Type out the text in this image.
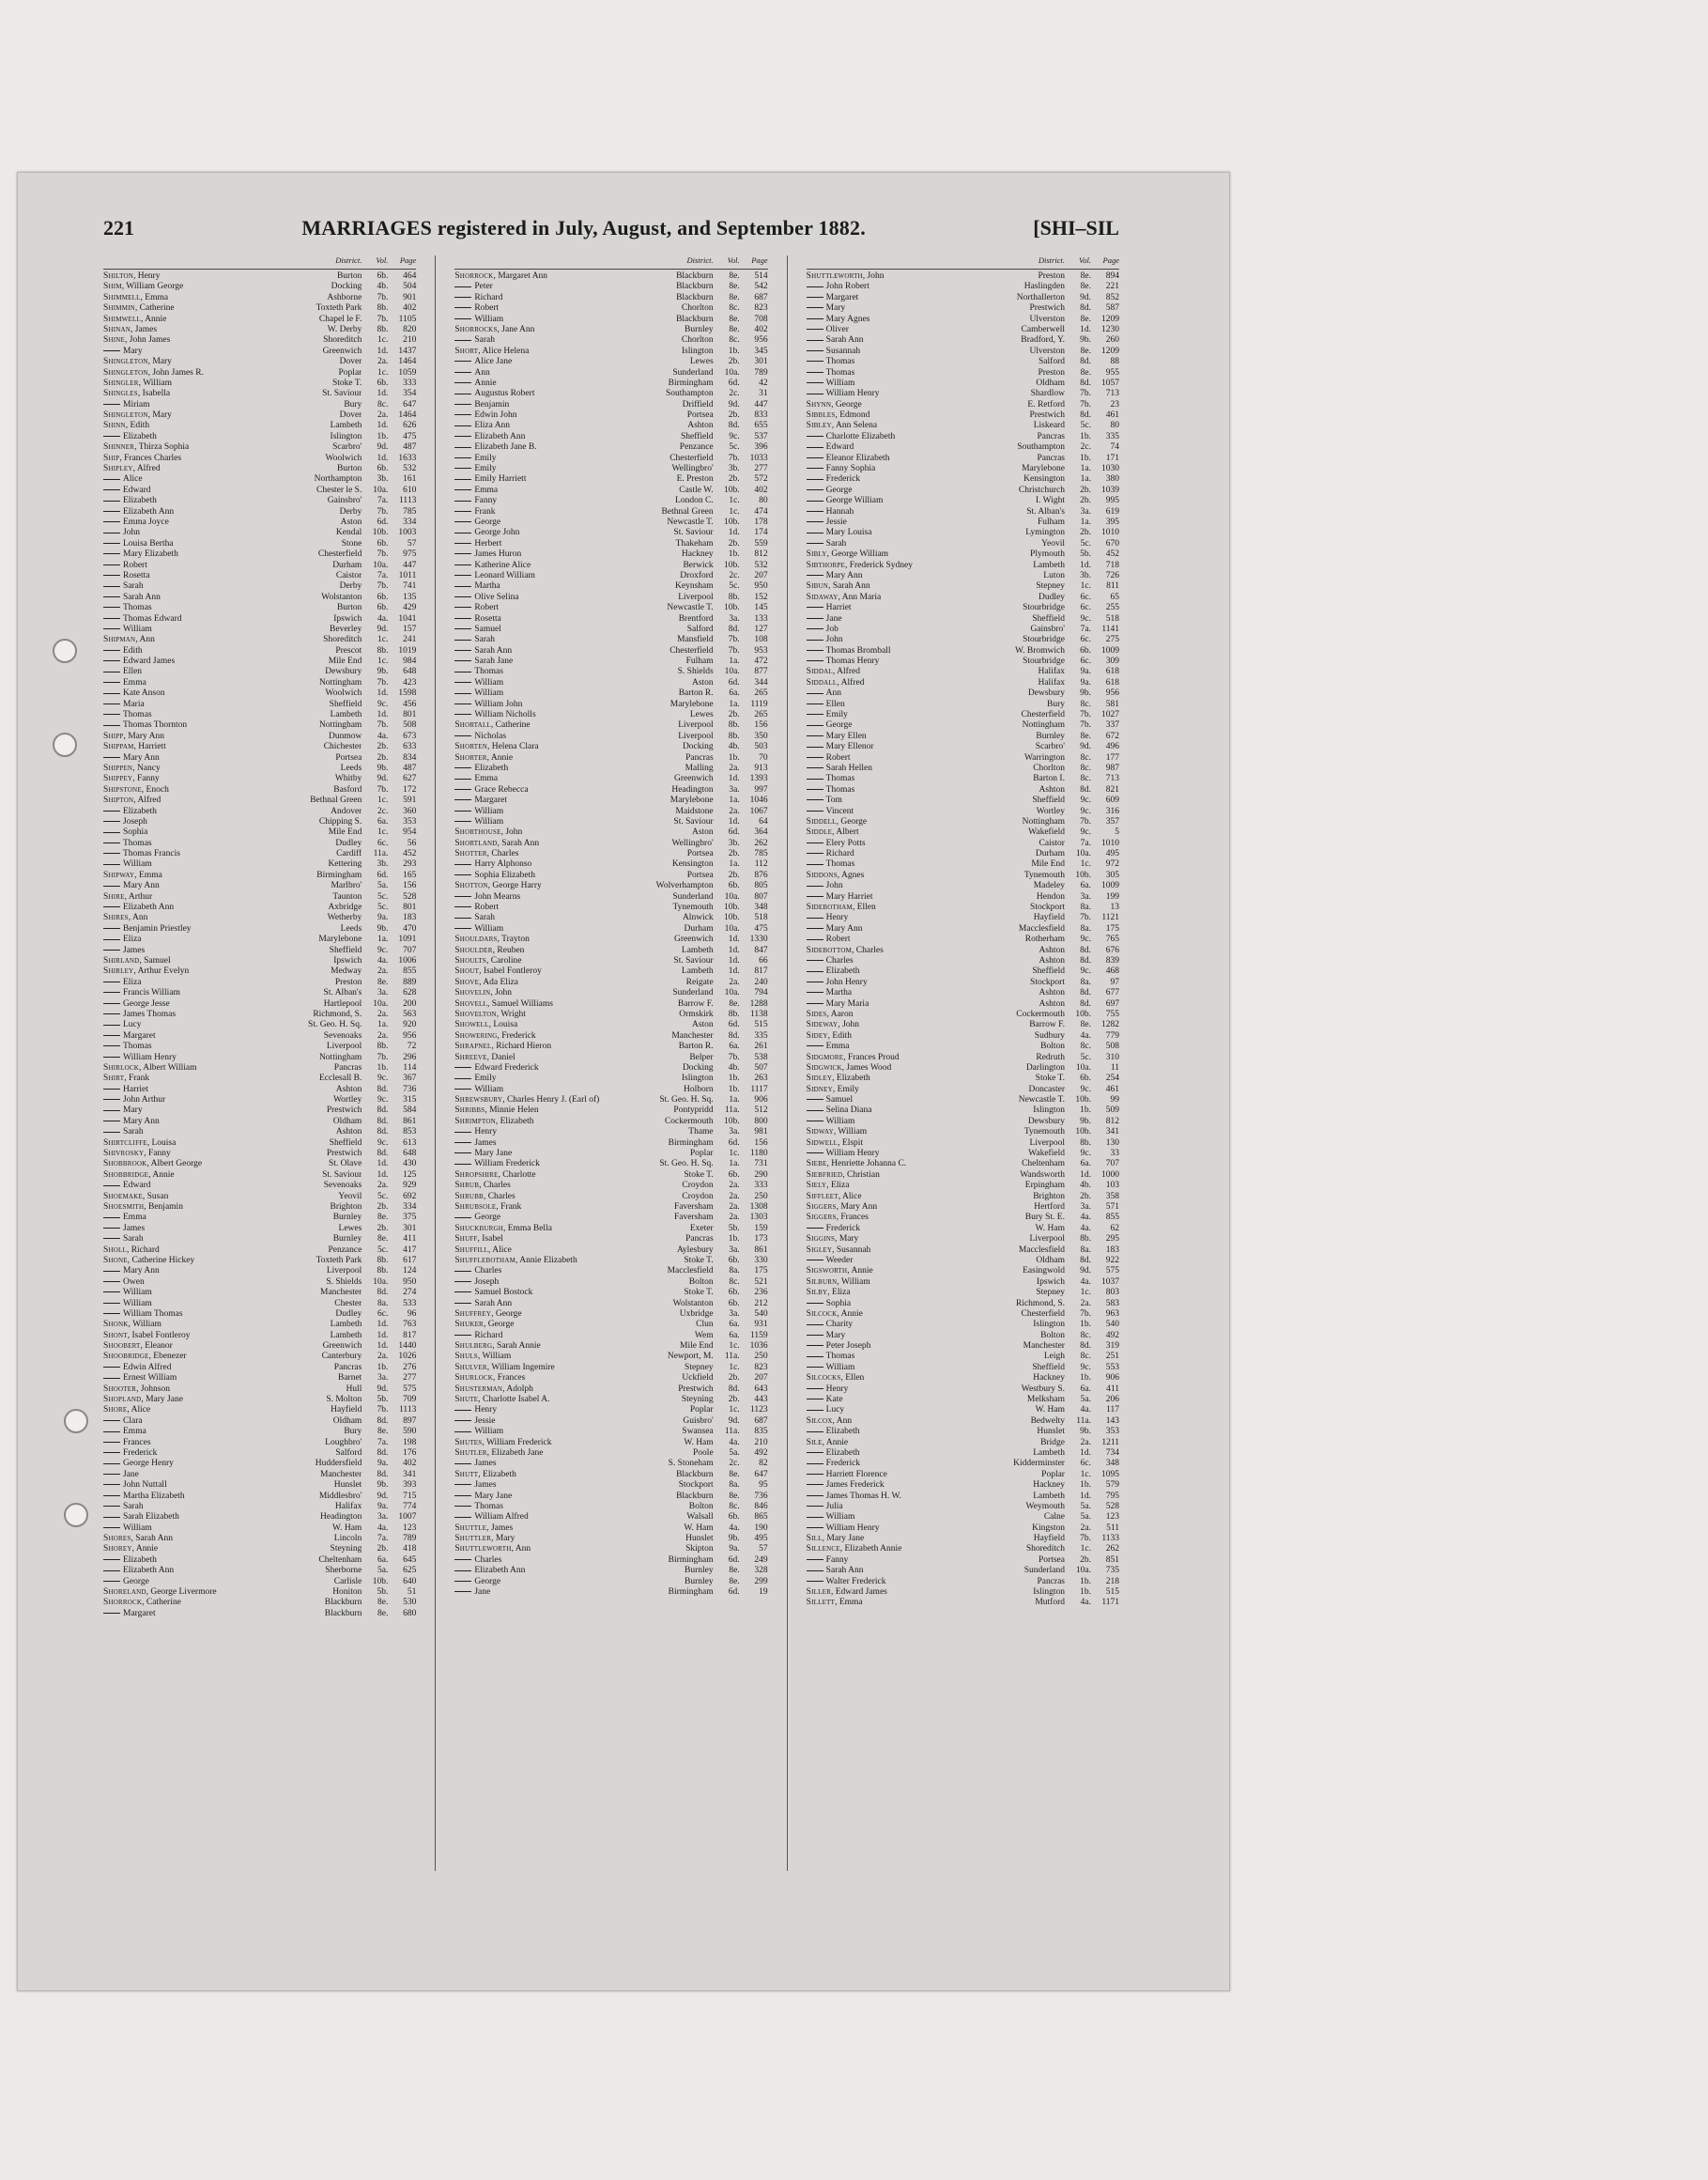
221	MARRIAGES registered in July, August, and September 1882.	[SHI–SIL
District.	Vol.	Page
Shilton, Henry	Burton	6b.	464
Shim, William George	Docking	4b.	504
Shimmell, Emma	Ashborne	7b.	901
Shimmin, Catherine	Toxteth Park	8b.	402
Shimwell, Annie	Chapel le F.	7b.	1105
Shinan, James	W. Derby	8b.	820
Shine, John James	Shoreditch	1c.	210
Mary	Greenwich	1d.	1437
Shingleton, Mary	Dover	2a.	1464
Shingleton, John James R.	Poplar	1c.	1059
Shingler, William	Stoke T.	6b.	333
Shingles, Isabella	St. Saviour	1d.	354
Miriam	Bury	8c.	647
Shingleton, Mary	Dover	2a.	1464
Shinn, Edith	Lambeth	1d.	626
Elizabeth	Islington	1b.	475
Shinner, Thirza Sophia	Scarbro'	9d.	487
Ship, Frances Charles	Woolwich	1d.	1633
Shipley, Alfred	Burton	6b.	532
Alice	Northampton	3b.	161
Edward	Chester le S.	10a.	610
Elizabeth	Gainsbro'	7a.	1113
Elizabeth Ann	Derby	7b.	785
Emma Joyce	Aston	6d.	334
John	Kendal	10b.	1003
Louisa Bertha	Stone	6b.	57
Mary Elizabeth	Chesterfield	7b.	975
Robert	Durham	10a.	447
Rosetta	Caistor	7a.	1011
Sarah	Derby	7b.	741
Sarah Ann	Wolstanton	6b.	135
Thomas	Burton	6b.	429
Thomas Edward	Ipswich	4a.	1041
William	Beverley	9d.	157
Shipman, Ann	Shoreditch	1c.	241
Edith	Prescot	8b.	1019
Edward James	Mile End	1c.	984
Ellen	Dewsbury	9b.	648
Emma	Nottingham	7b.	423
Kate Anson	Woolwich	1d.	1598
Maria	Sheffield	9c.	456
Thomas	Lambeth	1d.	801
Thomas Thornton	Nottingham	7b.	508
Shipp, Mary Ann	Dunmow	4a.	673
Shippam, Harriett	Chichester	2b.	633
Mary Ann	Portsea	2b.	834
Shippen, Nancy	Leeds	9b.	487
Shippey, Fanny	Whitby	9d.	627
Shipstone, Enoch	Basford	7b.	172
Shipton, Alfred	Bethnal Green	1c.	591
Elizabeth	Andover	2c.	360
Joseph	Chipping S.	6a.	353
Sophia	Mile End	1c.	954
Thomas	Dudley	6c.	56
Thomas Francis	Cardiff	11a.	452
William	Kettering	3b.	293
Shipway, Emma	Birmingham	6d.	165
Mary Ann	Marlbro'	5a.	156
Shire, Arthur	Taunton	5c.	528
Elizabeth Ann	Axbridge	5c.	801
Shires, Ann	Wetherby	9a.	183
Benjamin Priestley	Leeds	9b.	470
Eliza	Marylebone	1a.	1091
James	Sheffield	9c.	707
Shirland, Samuel	Ipswich	4a.	1006
Shirley, Arthur Evelyn	Medway	2a.	855
Eliza	Preston	8e.	889
Francis William	St. Alban's	3a.	628
George Jesse	Hartlepool	10a.	200
James Thomas	Richmond, S.	2a.	563
Lucy	St. Geo. H. Sq.	1a.	920
Margaret	Sevenoaks	2a.	956
Thomas	Liverpool	8b.	72
William Henry	Nottingham	7b.	296
Shirlock, Albert William	Pancras	1b.	114
Shirt, Frank	Ecclesall B.	9c.	367
Harriet	Ashton	8d.	736
John Arthur	Wortley	9c.	315
Mary	Prestwich	8d.	584
Mary Ann	Oldham	8d.	861
Sarah	Ashton	8d.	853
Shirtcliffe, Louisa	Sheffield	9c.	613
Shivrosky, Fanny	Prestwich	8d.	648
Shobbrook, Albert George	St. Olave	1d.	430
Shobbridge, Annie	St. Saviour	1d.	125
Edward	Sevenoaks	2a.	929
Shoemake, Susan	Yeovil	5c.	692
Shoesmith, Benjamin	Brighton	2b.	334
Emma	Burnley	8e.	375
James	Lewes	2b.	301
Sarah	Burnley	8e.	411
Sholl, Richard	Penzance	5c.	417
Shone, Catherine Hickey	Toxteth Park	8b.	617
Mary Ann	Liverpool	8b.	124
Owen	S. Shields	10a.	950
William	Manchester	8d.	274
William	Chester	8a.	533
William Thomas	Dudley	6c.	96
Shonk, William	Lambeth	1d.	763
Shont, Isabel Fontleroy	Lambeth	1d.	817
Shoobert, Eleanor	Greenwich	1d.	1440
Shoobridge, Ebenezer	Canterbury	2a.	1026
Edwin Alfred	Pancras	1b.	276
Ernest William	Barnet	3a.	277
Shooter, Johnson	Hull	9d.	575
Shopland, Mary Jane	S. Molton	5b.	709
Shore, Alice	Hayfield	7b.	1113
Clara	Oldham	8d.	897
Emma	Bury	8e.	590
Frances	Loughbro'	7a.	198
Frederick	Salford	8d.	176
George Henry	Huddersfield	9a.	402
Jane	Manchester	8d.	341
John Nuttall	Hunslet	9b.	393
Martha Elizabeth	Middlesbro'	9d.	715
Sarah	Halifax	9a.	774
Sarah Elizabeth	Headington	3a.	1007
William	W. Ham	4a.	123
Shores, Sarah Ann	Lincoln	7a.	789
Shorey, Annie	Steyning	2b.	418
Elizabeth	Cheltenham	6a.	645
Elizabeth Ann	Sherborne	5a.	625
George	Carlisle	10b.	640
Shoreland, George Livermore	Honiton	5b.	51
Shorrock, Catherine	Blackburn	8e.	530
Margaret	Blackburn	8e.	680
District.	Vol.	Page
Shorrock, Margaret Ann	Blackburn	8e.	514
Peter	Blackburn	8e.	542
Richard	Blackburn	8e.	687
Robert	Chorlton	8c.	823
William	Blackburn	8e.	708
Shorrocks, Jane Ann	Burnley	8e.	402
Sarah	Chorlton	8c.	956
Short, Alice Helena	Islington	1b.	345
Alice Jane	Lewes	2b.	301
Ann	Sunderland	10a.	789
Annie	Birmingham	6d.	42
Augustus Robert	Southampton	2c.	31
Benjamin	Driffield	9d.	447
Edwin John	Portsea	2b.	833
Eliza Ann	Ashton	8d.	655
Elizabeth Ann	Sheffield	9c.	537
Elizabeth Jane B.	Penzance	5c.	396
Emily	Chesterfield	7b.	1033
Emily	Wellingbro'	3b.	277
Emily Harriett	E. Preston	2b.	572
Emma	Castle W.	10b.	402
Fanny	London C.	1c.	80
Frank	Bethnal Green	1c.	474
George	Newcastle T.	10b.	178
George John	St. Saviour	1d.	174
Herbert	Thakeham	2b.	559
James Huron	Hackney	1b.	812
Katherine Alice	Berwick	10b.	532
Leonard William	Droxford	2c.	207
Martha	Keynsham	5c.	950
Olive Selina	Liverpool	8b.	152
Robert	Newcastle T.	10b.	145
Rosetta	Brentford	3a.	133
Samuel	Salford	8d.	127
Sarah	Mansfield	7b.	108
Sarah Ann	Chesterfield	7b.	953
Sarah Jane	Fulham	1a.	472
Thomas	S. Shields	10a.	877
William	Aston	6d.	344
William	Barton R.	6a.	265
William John	Marylebone	1a.	1119
William Nicholls	Lewes	2b.	265
Shortall, Catherine	Liverpool	8b.	156
Nicholas	Liverpool	8b.	350
Shorten, Helena Clara	Docking	4b.	503
Shorter, Annie	Pancras	1b.	70
Elizabeth	Malling	2a.	913
Emma	Greenwich	1d.	1393
Grace Rebecca	Headington	3a.	997
Margaret	Marylebone	1a.	1046
William	Maidstone	2a.	1067
William	St. Saviour	1d.	64
Shorthouse, John	Aston	6d.	364
Shortland, Sarah Ann	Wellingbro'	3b.	262
Shotter, Charles	Portsea	2b.	785
Harry Alphonso	Kensington	1a.	112
Sophia Elizabeth	Portsea	2b.	876
Shotton, George Harry	Wolverhampton	6b.	805
John Mearns	Sunderland	10a.	807
Robert	Tynemouth	10b.	348
Sarah	Alnwick	10b.	518
William	Durham	10a.	475
Shouldars, Trayton	Greenwich	1d.	1330
Shoulder, Reuben	Lambeth	1d.	847
Shoults, Caroline	St. Saviour	1d.	66
Shout, Isabel Fontleroy	Lambeth	1d.	817
Shove, Ada Eliza	Reigate	2a.	240
Shovelin, John	Sunderland	10a.	794
Shovell, Samuel Williams	Barrow F.	8e.	1288
Shovelton, Wright	Ormskirk	8b.	1138
Showell, Louisa	Aston	6d.	515
Showering, Frederick	Manchester	8d.	335
Shrapnel, Richard Hieron	Barton R.	6a.	261
Shreeve, Daniel	Belper	7b.	538
Edward Frederick	Docking	4b.	507
Emily	Islington	1b.	263
William	Holborn	1b.	1117
Shrewsbury, Charles Henry J. (Earl of)	St. Geo. H. Sq.	1a.	906
Shribbs, Minnie Helen	Pontypridd	11a.	512
Shrimpton, Elizabeth	Cockermouth	10b.	800
Henry	Thame	3a.	981
James	Birmingham	6d.	156
Mary Jane	Poplar	1c.	1180
William Frederick	St. Geo. H. Sq.	1a.	731
Shropshire, Charlotte	Stoke T.	6b.	290
Shrub, Charles	Croydon	2a.	333
Shrubb, Charles	Croydon	2a.	250
Shrubsole, Frank	Faversham	2a.	1308
George	Faversham	2a.	1303
Shuckburgh, Emma Bella	Exeter	5b.	159
Shuff, Isabel	Pancras	1b.	173
Shuffill, Alice	Aylesbury	3a.	861
Shufflebotham, Annie Elizabeth	Stoke T.	6b.	330
Charles	Macclesfield	8a.	175
Joseph	Bolton	8c.	521
Samuel Bostock	Stoke T.	6b.	236
Sarah Ann	Wolstanton	6b.	212
Shuffrey, George	Uxbridge	3a.	540
Shuker, George	Clun	6a.	931
Richard	Wem	6a.	1159
Shulberg, Sarah Annie	Mile End	1c.	1036
Shuls, William	Newport, M.	11a.	250
Shulver, William Ingemire	Stepney	1c.	823
Shurlock, Frances	Uckfield	2b.	207
Shusterman, Adolph	Prestwich	8d.	643
Shute, Charlotte Isabel A.	Steyning	2b.	443
Henry	Poplar	1c.	1123
Jessie	Guisbro'	9d.	687
William	Swansea	11a.	835
Shutes, William Frederick	W. Ham	4a.	210
Shutler, Elizabeth Jane	Poole	5a.	492
James	S. Stoneham	2c.	82
Shutt, Elizabeth	Blackburn	8e.	647
James	Stockport	8a.	95
Mary Jane	Blackburn	8e.	736
Thomas	Bolton	8c.	846
William Alfred	Walsall	6b.	865
Shuttle, James	W. Ham	4a.	190
Shuttler, Mary	Hunslet	9b.	495
Shuttleworth, Ann	Skipton	9a.	57
Charles	Birmingham	6d.	249
Elizabeth Ann	Burnley	8e.	328
George	Burnley	8e.	299
Jane	Birmingham	6d.	19
District.	Vol.	Page
Shuttleworth, John	Preston	8e.	894
John Robert	Haslingden	8e.	221
Margaret	Northallerton	9d.	852
Mary	Prestwich	8d.	587
Mary Agnes	Ulverston	8e.	1209
Oliver	Camberwell	1d.	1230
Sarah Ann	Bradford, Y.	9b.	260
Susannah	Ulverston	8e.	1209
Thomas	Salford	8d.	88
Thomas	Preston	8e.	955
William	Oldham	8d.	1057
William Henry	Shardlow	7b.	713
Shynn, George	E. Retford	7b.	23
Sibbles, Edmond	Prestwich	8d.	461
Sibley, Ann Selena	Liskeard	5c.	80
Charlotte Elizabeth	Pancras	1b.	335
Edward	Southampton	2c.	74
Eleanor Elizabeth	Pancras	1b.	171
Fanny Sophia	Marylebone	1a.	1030
Frederick	Kensington	1a.	380
George	Christchurch	2b.	1039
George William	I. Wight	2b.	995
Hannah	St. Alban's	3a.	619
Jessie	Fulham	1a.	395
Mary Louisa	Lymington	2b.	1010
Sarah	Yeovil	5c.	670
Sibly, George William	Plymouth	5b.	452
Sibthorpe, Frederick Sydney	Lambeth	1d.	718
Mary Ann	Luton	3b.	726
Sibun, Sarah Ann	Stepney	1c.	811
Sidaway, Ann Maria	Dudley	6c.	65
Harriet	Stourbridge	6c.	255
Jane	Sheffield	9c.	518
Job	Gainsbro'	7a.	1141
John	Stourbridge	6c.	275
Thomas Bromball	W. Bromwich	6b.	1009
Thomas Henry	Stourbridge	6c.	309
Siddal, Alfred	Halifax	9a.	618
Siddall, Alfred	Halifax	9a.	618
Ann	Dewsbury	9b.	956
Ellen	Bury	8c.	581
Emily	Chesterfield	7b.	1027
George	Nottingham	7b.	337
Mary Ellen	Burnley	8e.	672
Mary Ellenor	Scarbro'	9d.	496
Robert	Warrington	8c.	177
Sarah Hellen	Chorlton	8c.	987
Thomas	Barton I.	8c.	713
Thomas	Ashton	8d.	821
Tom	Sheffield	9c.	609
Vincent	Wortley	9c.	316
Siddell, George	Nottingham	7b.	357
Siddle, Albert	Wakefield	9c.	5
Elery Potts	Caistor	7a.	1010
Richard	Durham	10a.	495
Thomas	Mile End	1c.	972
Siddons, Agnes	Tynemouth	10b.	305
John	Madeley	6a.	1009
Mary Harriet	Hendon	3a.	199
Sidebotham, Ellen	Stockport	8a.	13
Henry	Hayfield	7b.	1121
Mary Ann	Macclesfield	8a.	175
Robert	Rotherham	9c.	765
Sidebottom, Charles	Ashton	8d.	676
Charles	Ashton	8d.	839
Elizabeth	Sheffield	9c.	468
John Henry	Stockport	8a.	97
Martha	Ashton	8d.	677
Mary Maria	Ashton	8d.	697
Sides, Aaron	Cockermouth	10b.	755
Sideway, John	Barrow F.	8e.	1282
Sidey, Edith	Sudbury	4a.	779
Emma	Bolton	8c.	508
Sidgmore, Frances Proud	Redruth	5c.	310
Sidgwick, James Wood	Darlington	10a.	11
Sidley, Elizabeth	Stoke T.	6b.	254
Sidney, Emily	Doncaster	9c.	461
Samuel	Newcastle T.	10b.	99
Selina Diana	Islington	1b.	509
William	Dewsbury	9b.	812
Sidway, William	Tynemouth	10b.	341
Sidwell, Elspit	Liverpool	8b.	130
William Henry	Wakefield	9c.	33
Siebe, Henriette Johanna C.	Cheltenham	6a.	707
Siebfried, Christian	Wandsworth	1d.	1000
Siely, Eliza	Erpingham	4b.	103
Siffleet, Alice	Brighton	2b.	358
Siggers, Mary Ann	Hertford	3a.	571
Siggers, Frances	Bury St. E.	4a.	855
Frederick	W. Ham	4a.	62
Siggins, Mary	Liverpool	8b.	295
Sigley, Susannah	Macclesfield	8a.	183
Weeder	Oldham	8d.	922
Sigsworth, Annie	Easingwold	9d.	575
Silburn, William	Ipswich	4a.	1037
Silby, Eliza	Stepney	1c.	803
Sophia	Richmond, S.	2a.	583
Silcock, Annie	Chesterfield	7b.	963
Charity	Islington	1b.	540
Mary	Bolton	8c.	492
Peter Joseph	Manchester	8d.	319
Thomas	Leigh	8c.	251
William	Sheffield	9c.	553
Silcocks, Ellen	Hackney	1b.	906
Henry	Westbury S.	6a.	411
Kate	Melksham	5a.	206
Lucy	W. Ham	4a.	117
Silcox, Ann	Bedwelty	11a.	143
Elizabeth	Hunslet	9b.	353
Sile, Annie	Bridge	2a.	1211
Elizabeth	Lambeth	1d.	734
Frederick	Kidderminster	6c.	348
Harriett Florence	Poplar	1c.	1095
James Frederick	Hackney	1b.	579
James Thomas H. W.	Lambeth	1d.	795
Julia	Weymouth	5a.	528
William	Calne	5a.	123
William Henry	Kingston	2a.	511
Sill, Mary Jane	Hayfield	7b.	1133
Sillence, Elizabeth Annie	Shoreditch	1c.	262
Fanny	Portsea	2b.	851
Sarah Ann	Sunderland	10a.	735
Walter Frederick	Pancras	1b.	218
Siller, Edward James	Islington	1b.	515
Sillett, Emma	Mutford	4a.	1171
